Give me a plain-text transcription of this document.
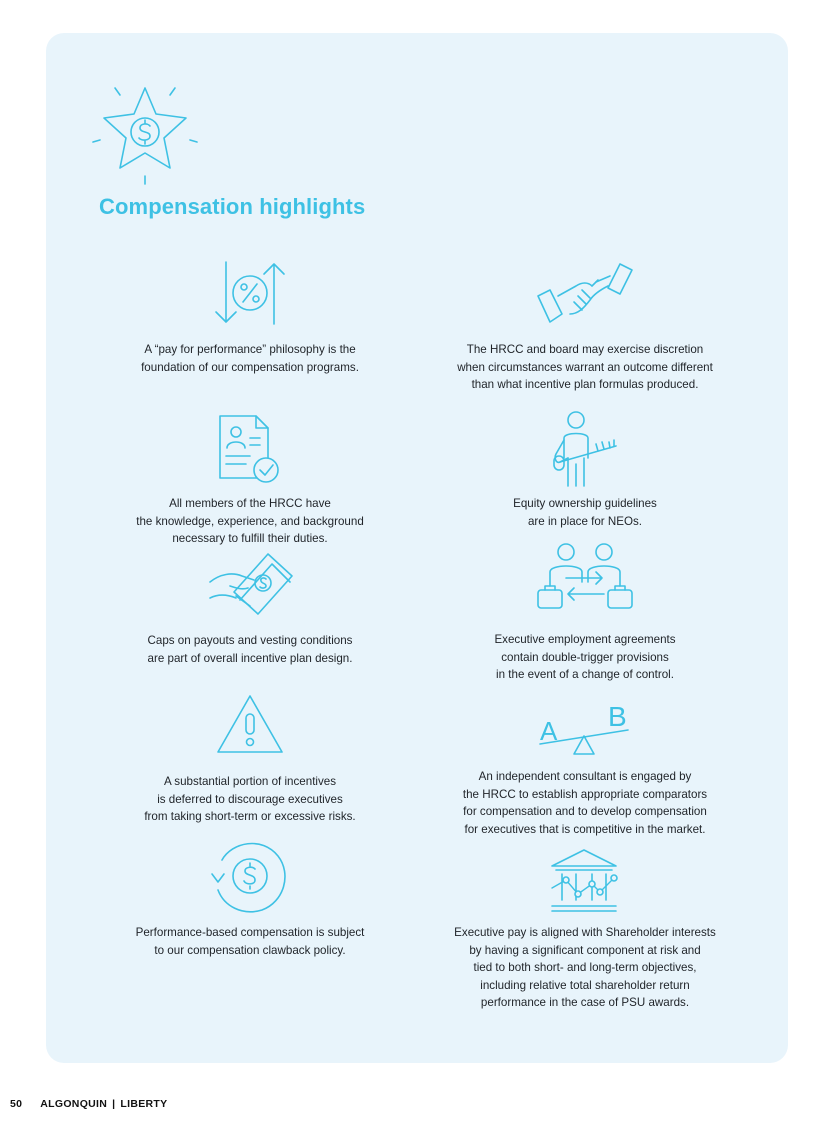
Compensation highlights

A “pay for performance” philosophy is the
foundation of our compensation programs.

The HRCC and board may exercise discretion
when circumstances warrant an outcome different
than what incentive plan formulas produced.

All members of the HRCC have
the knowledge, experience, and background
necessary to fulfill their duties.

Equity ownership guidelines
are in place for NEOs.

Caps on payouts and vesting conditions
are part of overall incentive plan design.

Executive employment agreements
contain double-trigger provisions
in the event of a change of control.

A substantial portion of incentives
is deferred to discourage executives
from taking short-term or excessive risks.

A B

An independent consultant is engaged by
the HRCC to establish appropriate comparators
for compensation and to develop compensation
for executives that is competitive in the market.

Performance-based compensation is subject
to our compensation clawback policy.

Executive pay is aligned with Shareholder interests
by having a significant component at risk and
tied to both short- and long-term objectives,
including relative total shareholder return
performance in the case of PSU awards.

50 ALGONQUIN | LIBERTY
